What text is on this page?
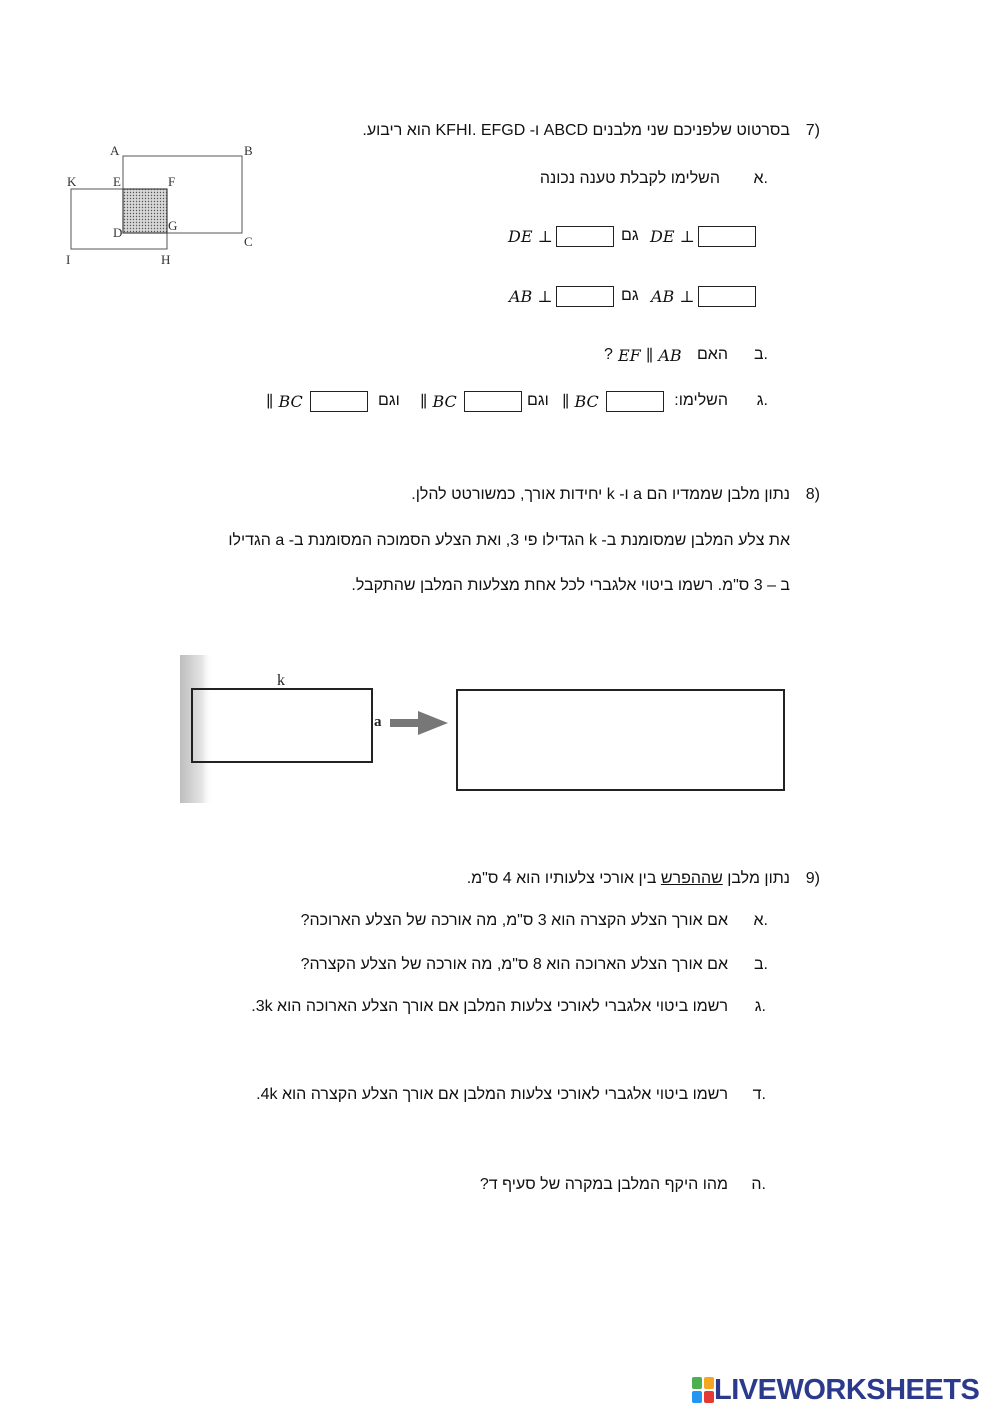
7)
בסרטוט שלפניכם שני מלבנים ABCD ו- KFHI. EFGD הוא ריבוע.
A	B
C
K	E	F
D	G
I	H
א.
השלימו לקבלת טענה נכונה
DE ⊥
גם
DE ⊥
AB ⊥
גם
AB ⊥
ב.
האם
EF ∥ AB
?
ג.
השלימו:
∥ BC
וגם
∥ BC
וגם
∥ BC
8)
נתון מלבן שממדיו הם a ו- k יחידות אורך, כמשורטט להלן.
את צלע המלבן שמסומנת ב- k הגדילו פי 3, ואת הצלע הסמוכה המסומנת ב- a הגדילו
ב – 3 ס"מ. רשמו ביטוי אלגברי לכל אחת מצלעות המלבן שהתקבל.
k
a
9)
נתון מלבן שההפרש בין אורכי צלעותיו הוא 4 ס"מ.
א.
אם אורך הצלע הקצרה הוא 3 ס"מ, מה אורכה של הצלע הארוכה?
ב.
אם אורך הצלע הארוכה הוא 8 ס"מ, מה אורכה של הצלע הקצרה?
ג.
רשמו ביטוי אלגברי לאורכי צלעות המלבן אם אורך הצלע הארוכה הוא 3k.
ד.
רשמו ביטוי אלגברי לאורכי צלעות המלבן אם אורך הצלע הקצרה הוא 4k.
ה.
מהו היקף המלבן במקרה של סעיף ד?
LIVEWORKSHEETS
